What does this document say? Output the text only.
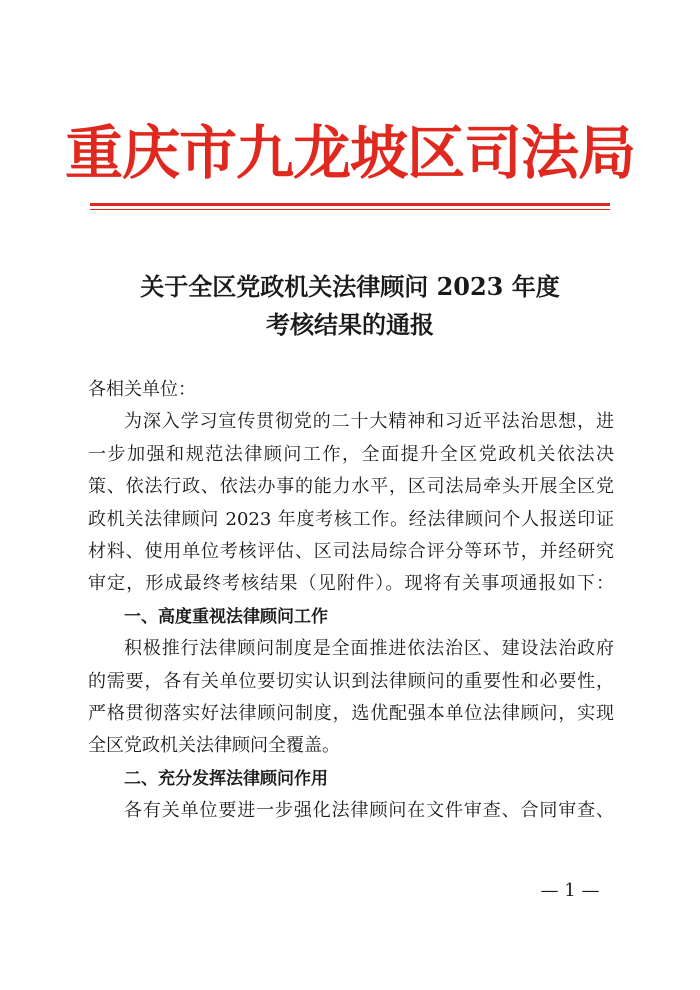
重庆市九龙坡区司法局
关于全区党政机关法律顾问 2023 年度
考核结果的通报
各相关单位：
为深入学习宣传贯彻党的二十大精神和习近平法治思想，进
一步加强和规范法律顾问工作，全面提升全区党政机关依法决
策、依法行政、依法办事的能力水平，区司法局牵头开展全区党
政机关法律顾问 2023 年度考核工作。经法律顾问个人报送印证
材料、使用单位考核评估、区司法局综合评分等环节，并经研究
审定，形成最终考核结果（见附件）。现将有关事项通报如下：
一、高度重视法律顾问工作
积极推行法律顾问制度是全面推进依法治区、建设法治政府
的需要，各有关单位要切实认识到法律顾问的重要性和必要性，
严格贯彻落实好法律顾问制度，选优配强本单位法律顾问，实现
全区党政机关法律顾问全覆盖。
二、充分发挥法律顾问作用
各有关单位要进一步强化法律顾问在文件审查、合同审查、
— 1 —
